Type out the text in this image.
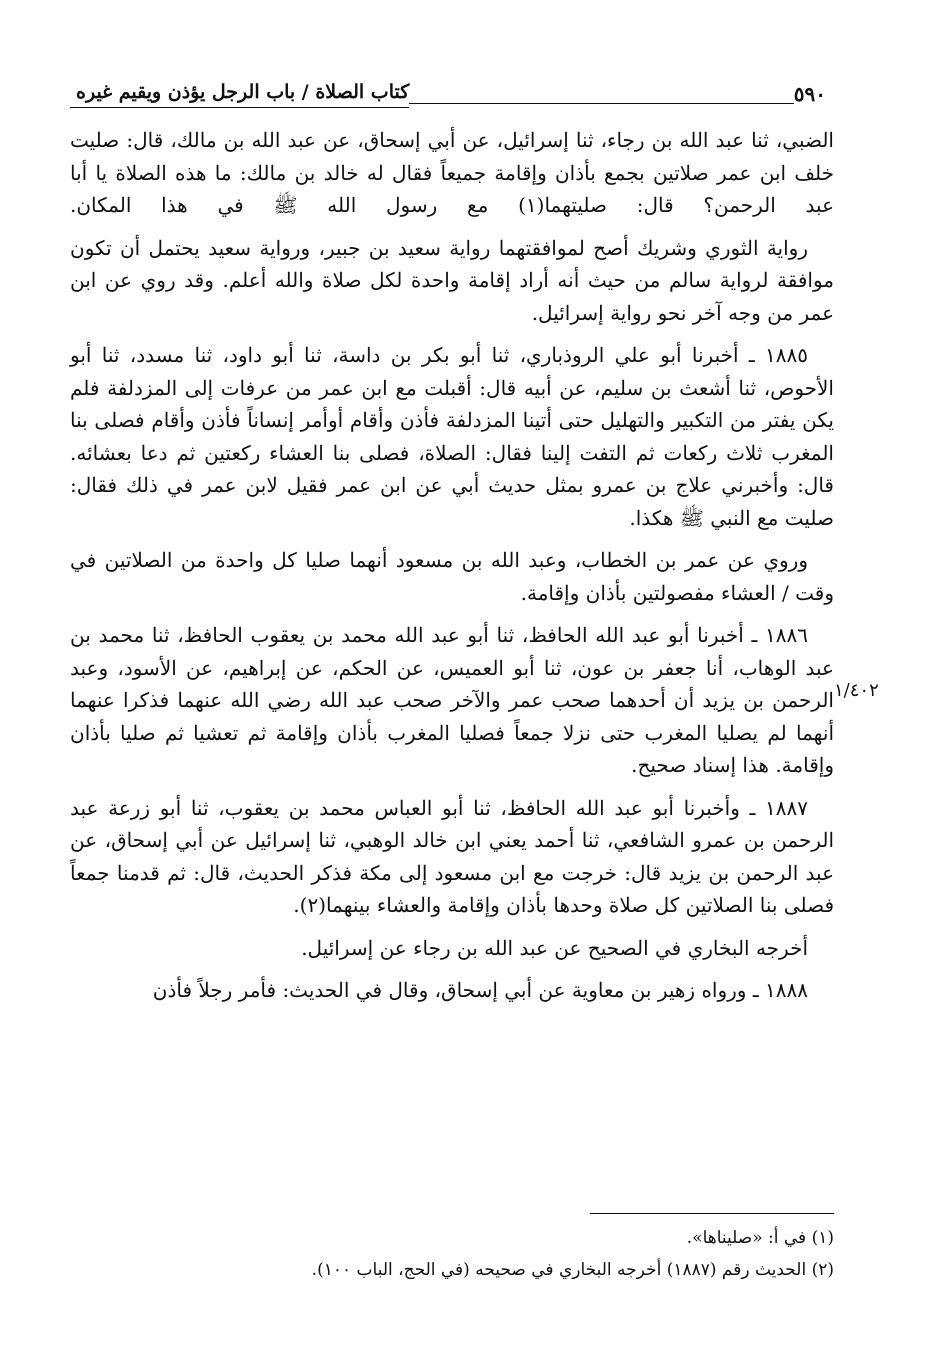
٥٩٠
كتاب الصلاة / باب الرجل يؤذن ويقيم غيره

الضبي، ثنا عبد الله بن رجاء، ثنا إسرائيل، عن أبي إسحاق، عن عبد الله بن مالك، قال: صليت خلف ابن عمر صلاتين بجمع بأذان وإقامة جميعاً فقال له خالد بن مالك: ما هذه الصلاة يا أبا عبد الرحمن؟ قال: صليتهما(١) مع رسول الله ﷺ في هذا المكان.

رواية الثوري وشريك أصح لموافقتهما رواية سعيد بن جبير، ورواية سعيد يحتمل أن تكون موافقة لرواية سالم من حيث أنه أراد إقامة واحدة لكل صلاة والله أعلم. وقد روي عن ابن عمر من وجه آخر نحو رواية إسرائيل.

١٨٨٥ ـ أخبرنا أبو علي الروذباري، ثنا أبو بكر بن داسة، ثنا أبو داود، ثنا مسدد، ثنا أبو الأحوص، ثنا أشعث بن سليم، عن أبيه قال: أقبلت مع ابن عمر من عرفات إلى المزدلفة فلم يكن يفتر من التكبير والتهليل حتى أتينا المزدلفة فأذن وأقام أوأمر إنساناً فأذن وأقام فصلى بنا المغرب ثلاث ركعات ثم التفت إلينا فقال: الصلاة، فصلى بنا العشاء ركعتين ثم دعا بعشائه. قال: وأخبرني علاج بن عمرو بمثل حديث أبي عن ابن عمر فقيل لابن عمر في ذلك فقال: صليت مع النبي ﷺ هكذا.

وروي عن عمر بن الخطاب، وعبد الله بن مسعود أنهما صليا كل واحدة من الصلاتين في وقت / العشاء مفصولتين بأذان وإقامة.

١٨٨٦ ـ أخبرنا أبو عبد الله الحافظ، ثنا أبو عبد الله محمد بن يعقوب الحافظ، ثنا محمد بن عبد الوهاب، أنا جعفر بن عون، ثنا أبو العميس، عن الحكم، عن إبراهيم، عن الأسود، وعبد الرحمن بن يزيد أن أحدهما صحب عمر والآخر صحب عبد الله رضي الله عنهما فذكرا عنهما أنهما لم يصليا المغرب حتى نزلا جمعاً فصليا المغرب بأذان وإقامة ثم تعشيا ثم صليا بأذان وإقامة. هذا إسناد صحيح.

١٨٨٧ ـ وأخبرنا أبو عبد الله الحافظ، ثنا أبو العباس محمد بن يعقوب، ثنا أبو زرعة عبد الرحمن بن عمرو الشافعي، ثنا أحمد يعني ابن خالد الوهبي، ثنا إسرائيل عن أبي إسحاق، عن عبد الرحمن بن يزيد قال: خرجت مع ابن مسعود إلى مكة فذكر الحديث، قال: ثم قدمنا جمعاً فصلى بنا الصلاتين كل صلاة وحدها بأذان وإقامة والعشاء بينهما(٢).

أخرجه البخاري في الصحيح عن عبد الله بن رجاء عن إسرائيل.

١٨٨٨ ـ ورواه زهير بن معاوية عن أبي إسحاق، وقال في الحديث: فأمر رجلاً فأذن

١/٤٠٢

(١) في أ: «صلیناها».

(٢) الحديث رقم (١٨٨٧) أخرجه البخاري في صحيحه (في الحج، الباب ١٠٠).
